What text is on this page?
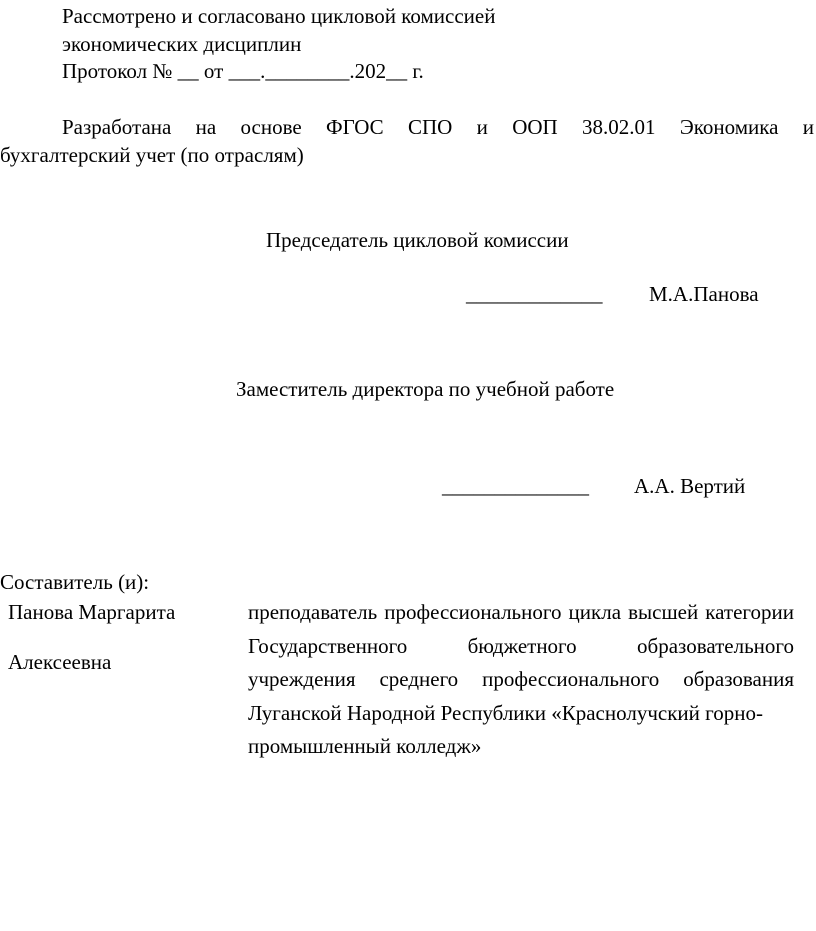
Рассмотрено и согласовано цикловой комиссией
экономических дисциплин
Протокол № __ от ___.________.202__ г.
Разработана на основе ФГОС СПО и ООП 38.02.01 Экономика и
бухгалтерский учет (по отраслям)
Председатель цикловой комиссии
_____________ М.А.Панова
Заместитель директора по учебной работе
______________ А.А. Вертий
Составитель (и):
Панова Маргарита
Алексеевна
преподаватель профессионального цикла высшей категории Государственного бюджетного образовательного учреждения среднего профессионального образования Луганской Народной Республики «Краснолучский горно-
промышленный колледж»
